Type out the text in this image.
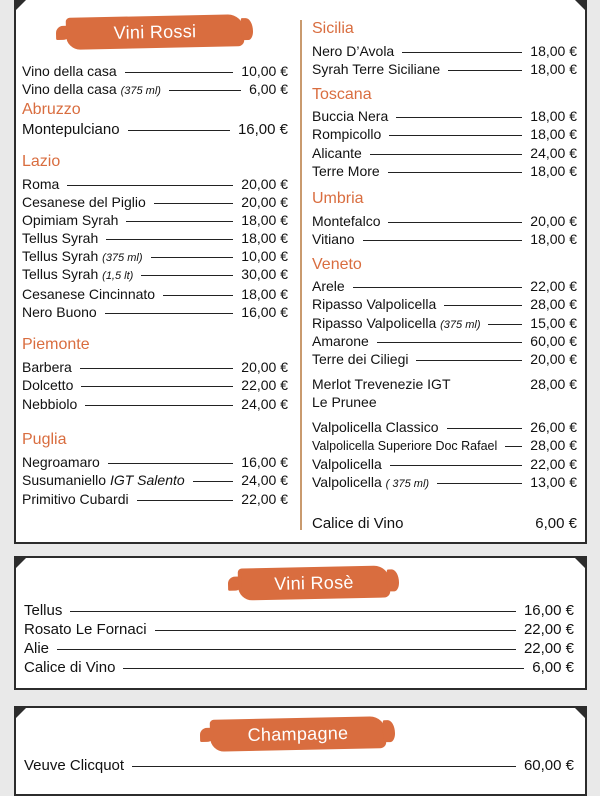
Vini Rossi
Vino della casa	10,00 €
Vino della casa (375 ml)	6,00 €
Abruzzo
Montepulciano	16,00 €
Lazio
Roma	20,00 €
Cesanese del Piglio	20,00 €
Opimiam Syrah	18,00 €
Tellus Syrah	18,00 €
Tellus Syrah (375 ml)	10,00 €
Tellus Syrah (1,5 lt)	30,00 €
Cesanese Cincinnato	18,00 €
Nero Buono	16,00 €
Piemonte
Barbera	20,00 €
Dolcetto	22,00 €
Nebbiolo	24,00 €
Puglia
Negroamaro	16,00 €
Susumaniello IGT Salento	24,00 €
Primitivo Cubardi	22,00 €
Sicilia
Nero D’Avola	18,00 €
Syrah Terre Siciliane	18,00 €
Toscana
Buccia Nera	18,00 €
Rompicollo	18,00 €
Alicante	24,00 €
Terre More	18,00 €
Umbria
Montefalco	20,00 €
Vitiano	18,00 €
Veneto
Arele	22,00 €
Ripasso Valpolicella	28,00 €
Ripasso Valpolicella (375 ml)	15,00 €
Amarone	60,00 €
Terre dei Ciliegi	20,00 €
Merlot Trevenezie IGT	28,00 €
Le Prunee
Valpolicella Classico	26,00 €
Valpolicella Superiore Doc Rafael 28,00 €
Valpolicella	22,00 €
Valpolicella ( 375 ml)	13,00 €
Calice di Vino	6,00 €
Vini Rosè
Tellus	16,00 €
Rosato Le Fornaci	22,00 €
Alie	22,00 €
Calice di Vino	6,00 €
Champagne
Veuve Clicquot	60,00 €
